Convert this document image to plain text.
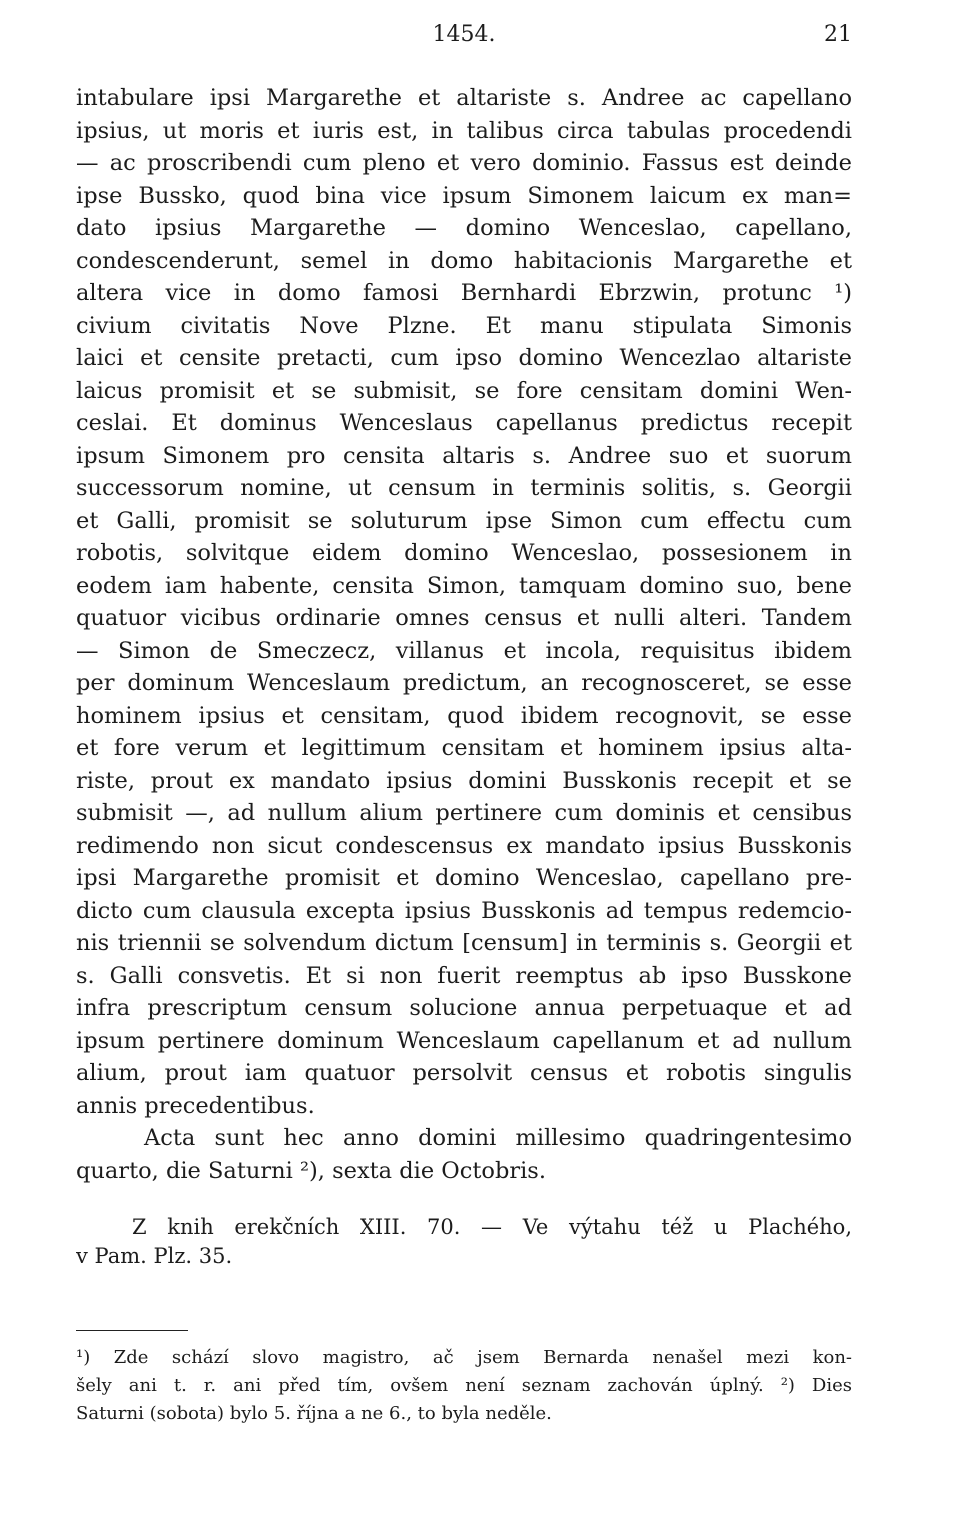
1454.	21
intabulare ipsi Margarethe et altariste s. Andree ac capellano
ipsius, ut moris et iuris est, in talibus circa tabulas procedendi
— ac proscribendi cum pleno et vero dominio. Fassus est deinde
ipse Bussko, quod bina vice ipsum Simonem laicum ex man=
dato ipsius Margarethe — domino Wenceslao, capellano,
condescenderunt, semel in domo habitacionis Margarethe et
altera vice in domo famosi Bernhardi Ebrzwin, protunc ¹)
civium civitatis Nove Plzne. Et manu stipulata Simonis
laici et censite pretacti, cum ipso domino Wencezlao altariste
laicus promisit et se submisit, se fore censitam domini Wen-
ceslai. Et dominus Wenceslaus capellanus predictus recepit
ipsum Simonem pro censita altaris s. Andree suo et suorum
successorum nomine, ut censum in terminis solitis, s. Georgii
et Galli, promisit se soluturum ipse Simon cum effectu cum
robotis, solvitque eidem domino Wenceslao, possesionem in
eodem iam habente, censita Simon, tamquam domino suo, bene
quatuor vicibus ordinarie omnes census et nulli alteri. Tandem
— Simon de Smeczecz, villanus et incola, requisitus ibidem
per dominum Wenceslaum predictum, an recognosceret, se esse
hominem ipsius et censitam, quod ibidem recognovit, se esse
et fore verum et legittimum censitam et hominem ipsius alta-
riste, prout ex mandato ipsius domini Busskonis recepit et se
submisit —, ad nullum alium pertinere cum dominis et censibus
redimendo non sicut condescensus ex mandato ipsius Busskonis
ipsi Margarethe promisit et domino Wenceslao, capellano pre-
dicto cum clausula excepta ipsius Busskonis ad tempus redemcio-
nis triennii se solvendum dictum [censum] in terminis s. Georgii et
s. Galli consvetis. Et si non fuerit reemptus ab ipso Busskone
infra prescriptum censum solucione annua perpetuaque et ad
ipsum pertinere dominum Wenceslaum capellanum et ad nullum
alium, prout iam quatuor persolvit census et robotis singulis
annis precedentibus.
Acta sunt hec anno domini millesimo quadringentesimo
quarto, die Saturni ²), sexta die Octobris.
Z knih erekčních XIII. 70. — Ve výtahu též u Plachého,
v Pam. Plz. 35.
¹) Zde schází slovo magistro, ač jsem Bernarda nenašel mezi kon-
šely ani t. r. ani před tím, ovšem není seznam zachován úplný. ²) Dies
Saturni (sobota) bylo 5. října a ne 6., to byla neděle.
